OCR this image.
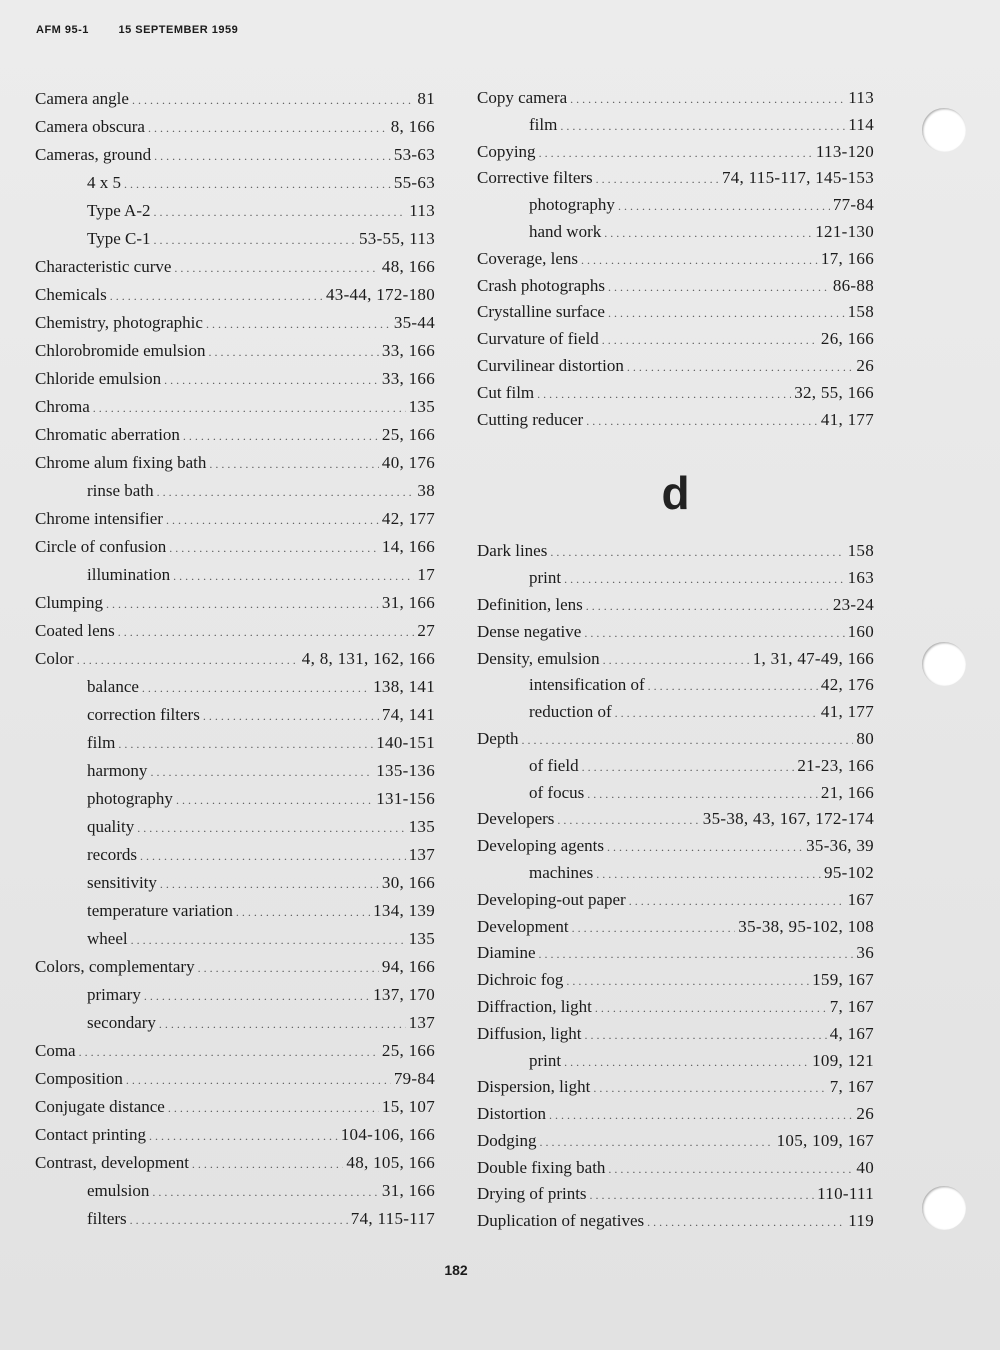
AFM 95-1	15 SEPTEMBER 1959
Camera angle .....	81
Camera obscura .....	8, 166
Cameras, ground .....	53-63
4 x 5 .....	55-63
Type A-2 .....	113
Type C-1 .....	53-55, 113
Characteristic curve .....	48, 166
Chemicals .....	43-44, 172-180
Chemistry, photographic .....	35-44
Chlorobromide emulsion .....	33, 166
Chloride emulsion .....	33, 166
Chroma .....	135
Chromatic aberration .....	25, 166
Chrome alum fixing bath .....	40, 176
rinse bath .....	38
Chrome intensifier .....	42, 177
Circle of confusion .....	14, 166
illumination .....	17
Clumping .....	31, 166
Coated lens .....	27
Color .....	4, 8, 131, 162, 166
balance .....	138, 141
correction filters .....	74, 141
film .....	140-151
harmony .....	135-136
photography .....	131-156
quality .....	135
records .....	137
sensitivity .....	30, 166
temperature variation .....	134, 139
wheel .....	135
Colors, complementary .....	94, 166
primary .....	137, 170
secondary .....	137
Coma .....	25, 166
Composition .....	79-84
Conjugate distance .....	15, 107
Contact printing .....	104-106, 166
Contrast, development .....	48, 105, 166
emulsion .....	31, 166
filters .....	74, 115-117
Copy camera .....	113
film .....	114
Copying .....	113-120
Corrective filters .....	74, 115-117, 145-153
photography .....	77-84
hand work .....	121-130
Coverage, lens .....	17, 166
Crash photographs .....	86-88
Crystalline surface .....	158
Curvature of field .....	26, 166
Curvilinear distortion .....	26
Cut film .....	32, 55, 166
Cutting reducer .....	41, 177
d
Dark lines .....	158
print .....	163
Definition, lens .....	23-24
Dense negative .....	160
Density, emulsion .....	1, 31, 47-49, 166
intensification of .....	42, 176
reduction of .....	41, 177
Depth .....	80
of field .....	21-23, 166
of focus .....	21, 166
Developers .....	35-38, 43, 167, 172-174
Developing agents .....	35-36, 39
machines .....	95-102
Developing-out paper .....	167
Development .....	35-38, 95-102, 108
Diamine .....	36
Dichroic fog .....	159, 167
Diffraction, light .....	7, 167
Diffusion, light .....	4, 167
print .....	109, 121
Dispersion, light .....	7, 167
Distortion .....	26
Dodging .....	105, 109, 167
Double fixing bath .....	40
Drying of prints .....	110-111
Duplication of negatives .....	119
182
